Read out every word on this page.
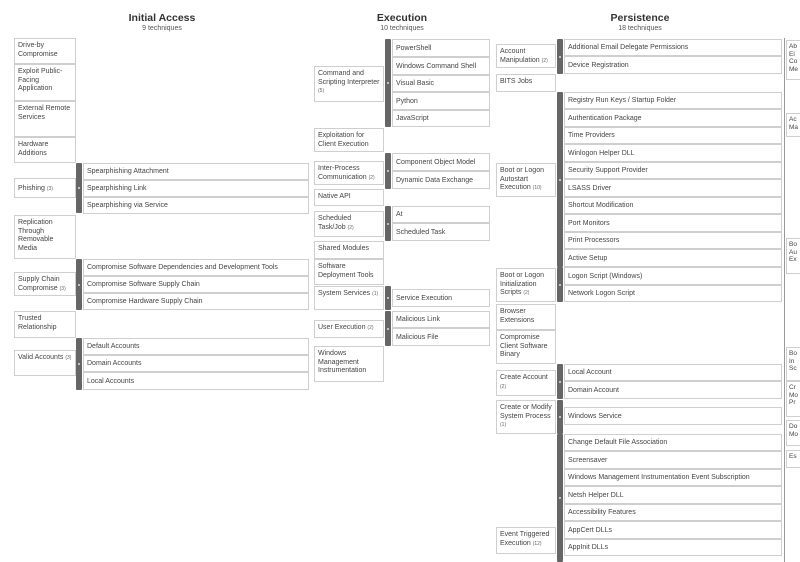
Initial Access
9 techniques
Execution
10 techniques
Persistence
18 techniques
Drive-by Compromise
Exploit Public-Facing Application
External Remote Services
Hardware Additions
Phishing (3)
Spearphishing Attachment
Spearphishing Link
Spearphishing via Service
Replication Through Removable Media
Supply Chain Compromise (3)
Compromise Software Dependencies and Development Tools
Compromise Software Supply Chain
Compromise Hardware Supply Chain
Trusted Relationship
Valid Accounts (3)
Default Accounts
Domain Accounts
Local Accounts
Command and Scripting Interpreter (5)
PowerShell
Windows Command Shell
Visual Basic
Python
JavaScript
Exploitation for Client Execution
Inter-Process Communication (2)
Component Object Model
Dynamic Data Exchange
Native API
Scheduled Task/Job (2)
At
Scheduled Task
Shared Modules
Software Deployment Tools
System Services (1)
Service Execution
User Execution (2)
Malicious Link
Malicious File
Windows Management Instrumentation
Account Manipulation (2)
Additional Email Delegate Permissions
Device Registration
BITS Jobs
Boot or Logon Autostart Execution (10)
Registry Run Keys / Startup Folder
Authentication Package
Time Providers
Winlogon Helper DLL
Security Support Provider
LSASS Driver
Shortcut Modification
Port Monitors
Print Processors
Active Setup
Boot or Logon Initialization Scripts (2)
Logon Script (Windows)
Network Logon Script
Browser Extensions
Compromise Client Software Binary
Create Account (2)
Local Account
Domain Account
Create or Modify System Process (1)
Windows Service
Event Triggered Execution (12)
Change Default File Association
Screensaver
Windows Management Instrumentation Event Subscription
Netsh Helper DLL
Accessibility Features
AppCert DLLs
AppInit DLLs
Ab El Co Me
Ac Ma
Bo Au Ex
Bo In Sc
Cr Mo Pr
Do Mo
Es
